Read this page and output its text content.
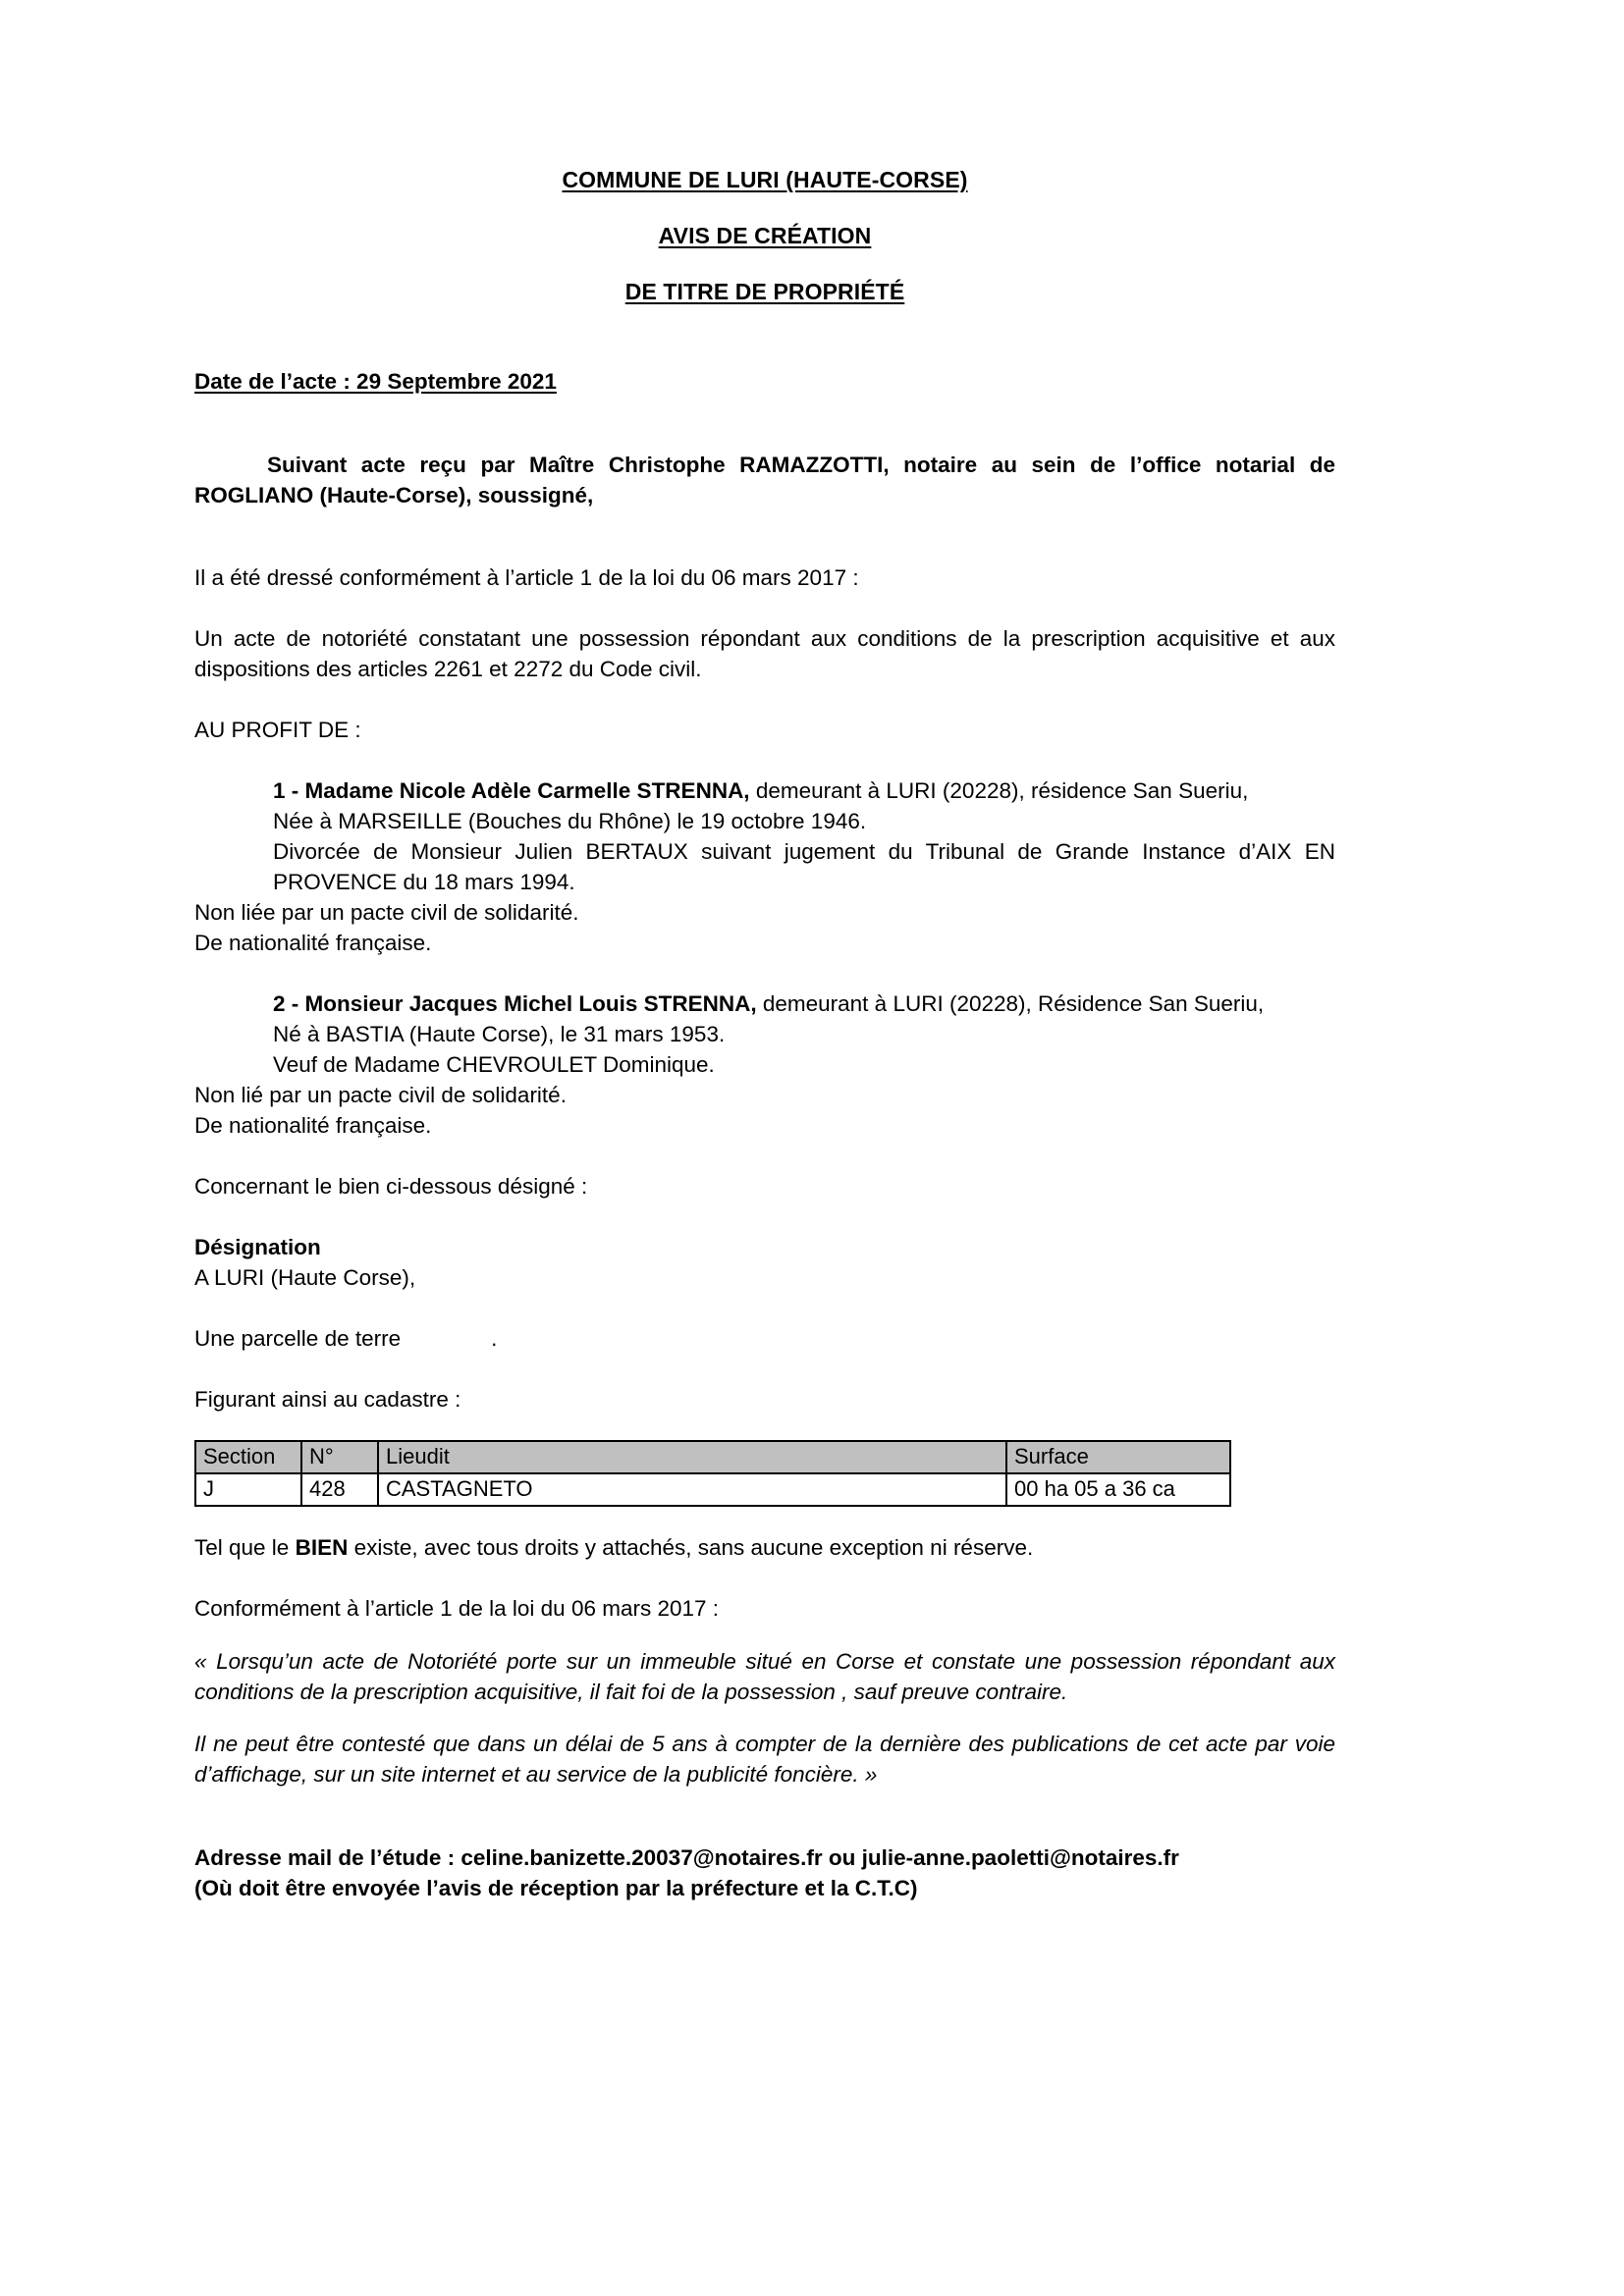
COMMUNE DE LURI (HAUTE-CORSE)
AVIS DE CRÉATION
DE TITRE DE PROPRIÉTÉ
Date de l’acte : 29 Septembre 2021

Suivant acte reçu par Maître Christophe RAMAZZOTTI, notaire au sein de l’office notarial de ROGLIANO (Haute-Corse), soussigné,

Il a été dressé conformément à l’article 1 de la loi du 06 mars 2017 :

Un acte de notoriété constatant une possession répondant aux conditions de la prescription acquisitive et aux dispositions des articles 2261 et 2272 du Code civil.

AU PROFIT DE :

1 - Madame Nicole Adèle Carmelle STRENNA, demeurant à LURI (20228), résidence San Sueriu,
Née à MARSEILLE (Bouches du Rhône) le 19 octobre 1946.
Divorcée de Monsieur Julien BERTAUX suivant jugement du Tribunal de Grande Instance d’AIX EN PROVENCE du 18 mars 1994.
Non liée par un pacte civil de solidarité.
De nationalité française.
2 - Monsieur Jacques Michel Louis STRENNA, demeurant à LURI (20228), Résidence San Sueriu,
Né à BASTIA (Haute Corse), le 31 mars 1953.
Veuf de Madame CHEVROULET Dominique.
Non lié par un pacte civil de solidarité.
De nationalité française.

Concernant le bien ci-dessous désigné :

Désignation
A LURI (Haute Corse),
Une parcelle de terre	.
Figurant ainsi au cadastre :
Section	N°	Lieudit	Surface
J	428	CASTAGNETO	00 ha 05 a 36 ca

Tel que le BIEN existe, avec tous droits y attachés, sans aucune exception ni réserve.

Conformément à l’article 1 de la loi du 06 mars 2017 :

« Lorsqu’un acte de Notoriété porte sur un immeuble situé en Corse et constate une possession répondant aux conditions de la prescription acquisitive, il fait foi de la possession , sauf preuve contraire.

Il ne peut être contesté que dans un délai de 5 ans à compter de la dernière des publications de cet acte par voie d’affichage, sur un site internet et au service de la publicité foncière. »

Adresse mail de l’étude : celine.banizette.20037@notaires.fr ou julie-anne.paoletti@notaires.fr
(Où doit être envoyée l’avis de réception par la préfecture et la C.T.C)
